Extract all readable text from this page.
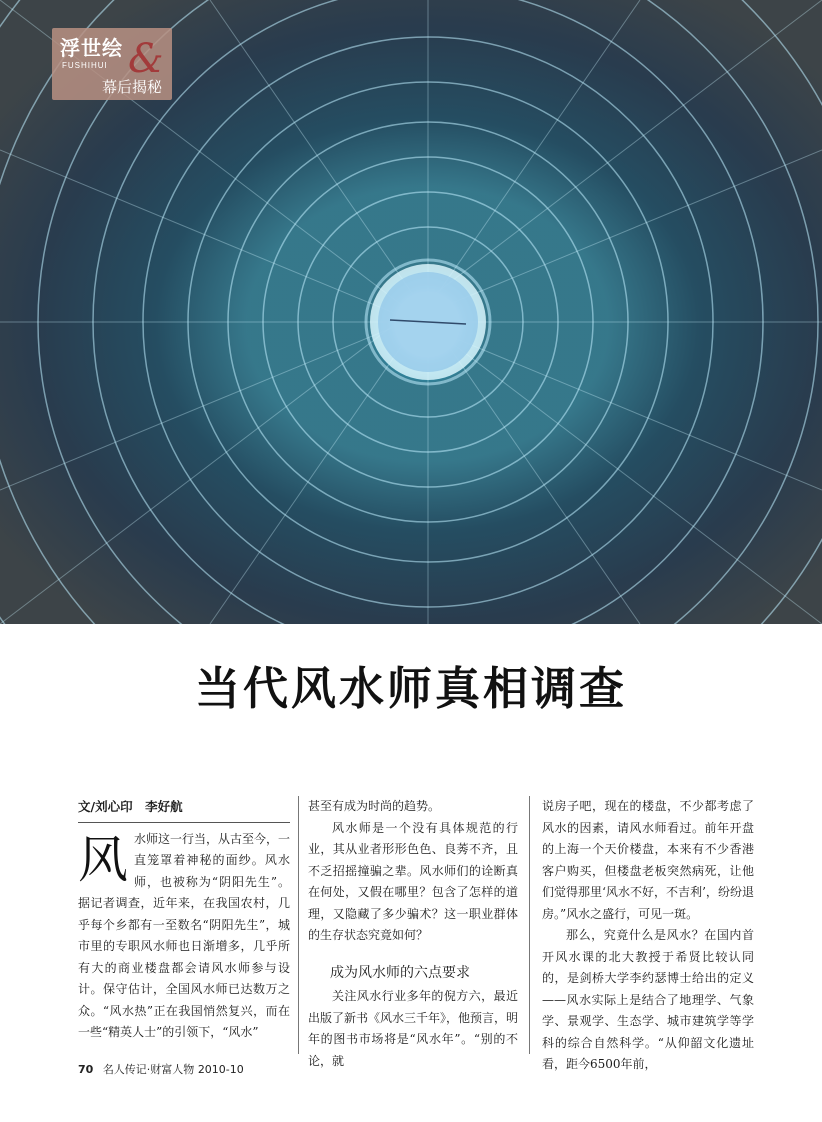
浮世绘 &
FUSHIHUI
幕后揭秘
当代风水师真相调查
文/刘心印　李好航
风 水师这一行当，从古至今，一直笼罩着神秘的面纱。风水师，也被称为“阴阳先生”。据记者调查，近年来，在我国农村，几乎每个乡都有一至数名“阴阳先生”，城市里的专职风水师也日渐增多，几乎所有大的商业楼盘都会请风水师参与设计。保守估计，全国风水师已达数万之众。“风水热”正在我国悄然复兴，而在一些“精英人士”的引领下，“风水”

甚至有成为时尚的趋势。

风水师是一个没有具体规范的行业，其从业者形形色色、良莠不齐，且不乏招摇撞骗之辈。风水师们的诠断真在何处，又假在哪里？包含了怎样的道理，又隐藏了多少骗术？这一职业群体的生存状态究竟如何？

成为风水师的六点要求

关注风水行业多年的倪方六，最近出版了新书《风水三千年》，他预言，明年的图书市场将是“风水年”。“别的不论，就

说房子吧，现在的楼盘，不少都考虑了风水的因素，请风水师看过。前年开盘的上海一个天价楼盘，本来有不少香港客户购买，但楼盘老板突然病死，让他们觉得那里‘风水不好，不吉利’，纷纷退房。”风水之盛行，可见一斑。

那么，究竟什么是风水？在国内首开风水课的北大教授于希贤比较认同的，是剑桥大学李约瑟博士给出的定义——风水实际上是结合了地理学、气象学、景观学、生态学、城市建筑学等学科的综合自然科学。“从仰韶文化遗址看，距今6500年前，

70 名人传记·财富人物 2010-10
